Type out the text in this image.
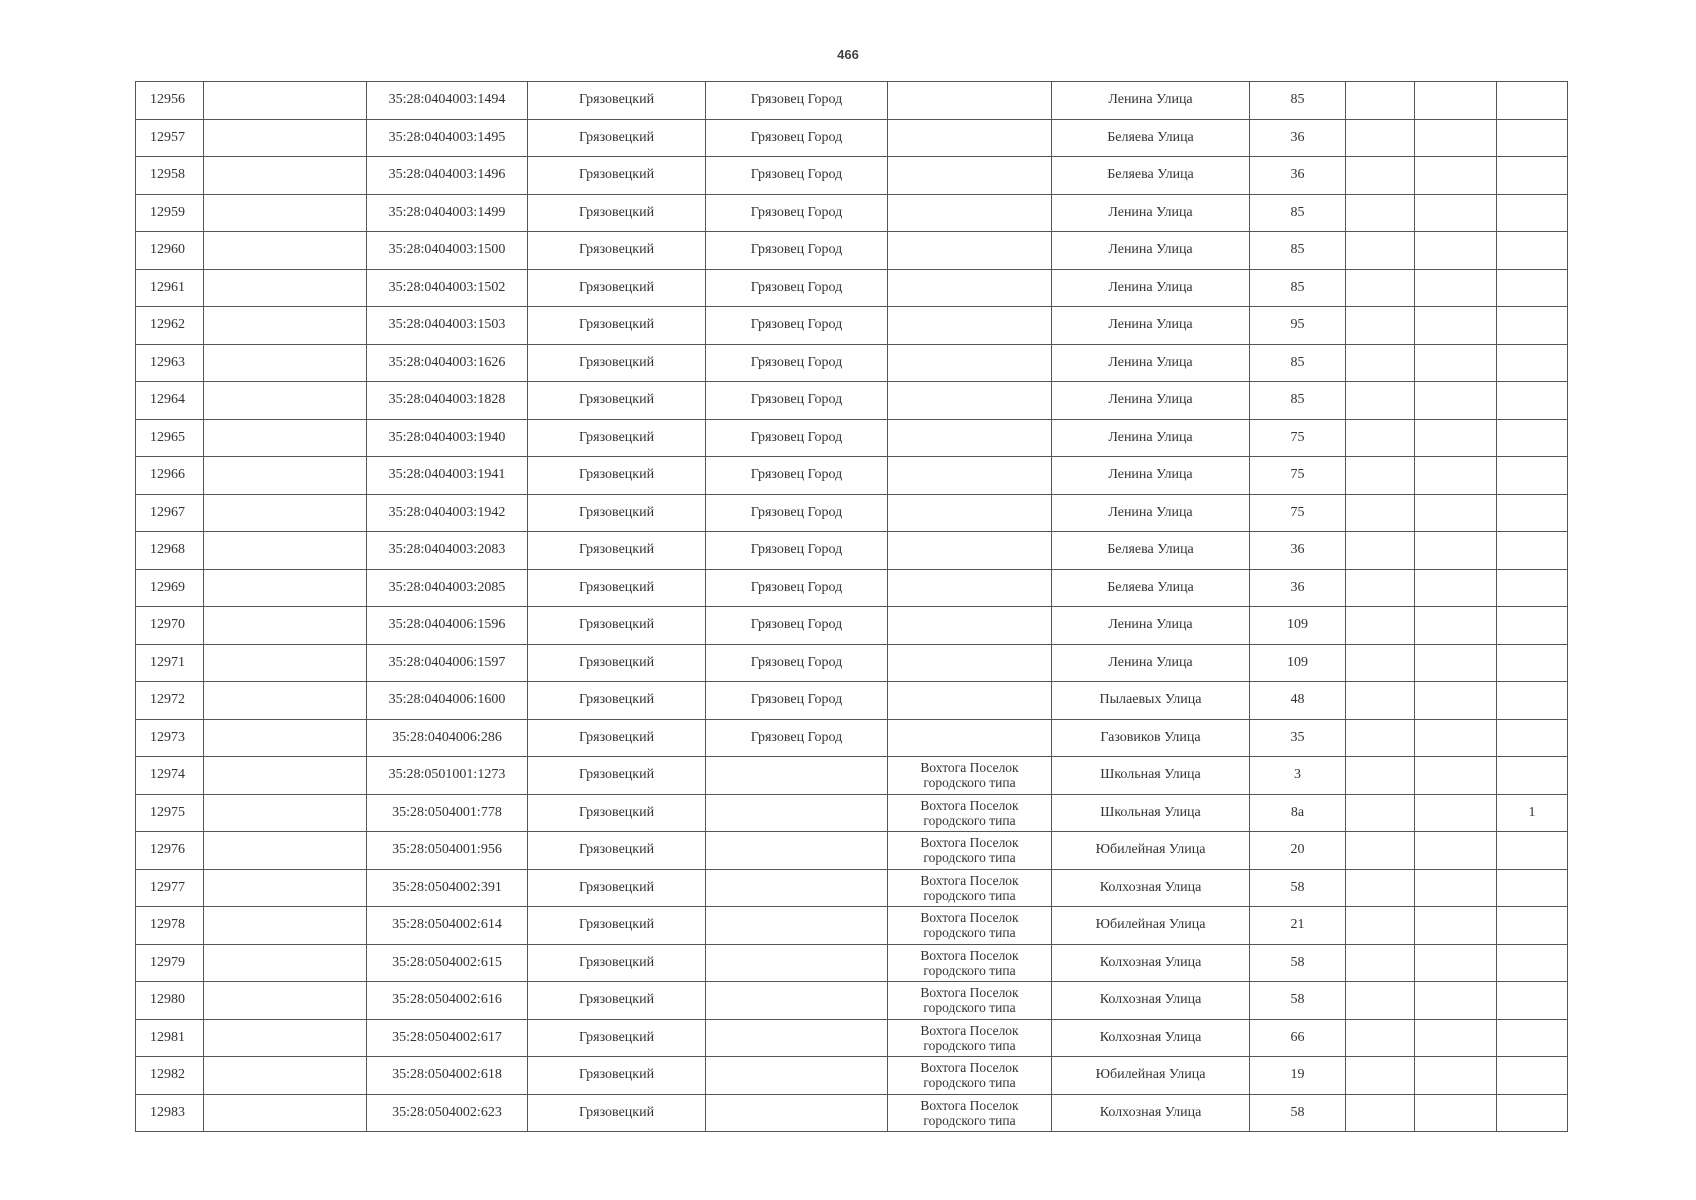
466
12956		35:28:0404003:1494	Грязовецкий	Грязовец Город		Ленина Улица	85			
12957		35:28:0404003:1495	Грязовецкий	Грязовец Город		Беляева Улица	36			
12958		35:28:0404003:1496	Грязовецкий	Грязовец Город		Беляева Улица	36			
12959		35:28:0404003:1499	Грязовецкий	Грязовец Город		Ленина Улица	85			
12960		35:28:0404003:1500	Грязовецкий	Грязовец Город		Ленина Улица	85			
12961		35:28:0404003:1502	Грязовецкий	Грязовец Город		Ленина Улица	85			
12962		35:28:0404003:1503	Грязовецкий	Грязовец Город		Ленина Улица	95			
12963		35:28:0404003:1626	Грязовецкий	Грязовец Город		Ленина Улица	85			
12964		35:28:0404003:1828	Грязовецкий	Грязовец Город		Ленина Улица	85			
12965		35:28:0404003:1940	Грязовецкий	Грязовец Город		Ленина Улица	75			
12966		35:28:0404003:1941	Грязовецкий	Грязовец Город		Ленина Улица	75			
12967		35:28:0404003:1942	Грязовецкий	Грязовец Город		Ленина Улица	75			
12968		35:28:0404003:2083	Грязовецкий	Грязовец Город		Беляева Улица	36			
12969		35:28:0404003:2085	Грязовецкий	Грязовец Город		Беляева Улица	36			
12970		35:28:0404006:1596	Грязовецкий	Грязовец Город		Ленина Улица	109			
12971		35:28:0404006:1597	Грязовецкий	Грязовец Город		Ленина Улица	109			
12972		35:28:0404006:1600	Грязовецкий	Грязовец Город		Пылаевых Улица	48			
12973		35:28:0404006:286	Грязовецкий	Грязовец Город		Газовиков Улица	35			
12974		35:28:0501001:1273	Грязовецкий		Вохтога Поселок
городского типа	Школьная Улица	3			
12975		35:28:0504001:778	Грязовецкий		Вохтога Поселок
городского типа	Школьная Улица	8а			1
12976		35:28:0504001:956	Грязовецкий		Вохтога Поселок
городского типа	Юбилейная Улица	20			
12977		35:28:0504002:391	Грязовецкий		Вохтога Поселок
городского типа	Колхозная Улица	58			
12978		35:28:0504002:614	Грязовецкий		Вохтога Поселок
городского типа	Юбилейная Улица	21			
12979		35:28:0504002:615	Грязовецкий		Вохтога Поселок
городского типа	Колхозная Улица	58			
12980		35:28:0504002:616	Грязовецкий		Вохтога Поселок
городского типа	Колхозная Улица	58			
12981		35:28:0504002:617	Грязовецкий		Вохтога Поселок
городского типа	Колхозная Улица	66			
12982		35:28:0504002:618	Грязовецкий		Вохтога Поселок
городского типа	Юбилейная Улица	19			
12983		35:28:0504002:623	Грязовецкий		Вохтога Поселок
городского типа	Колхозная Улица	58			
